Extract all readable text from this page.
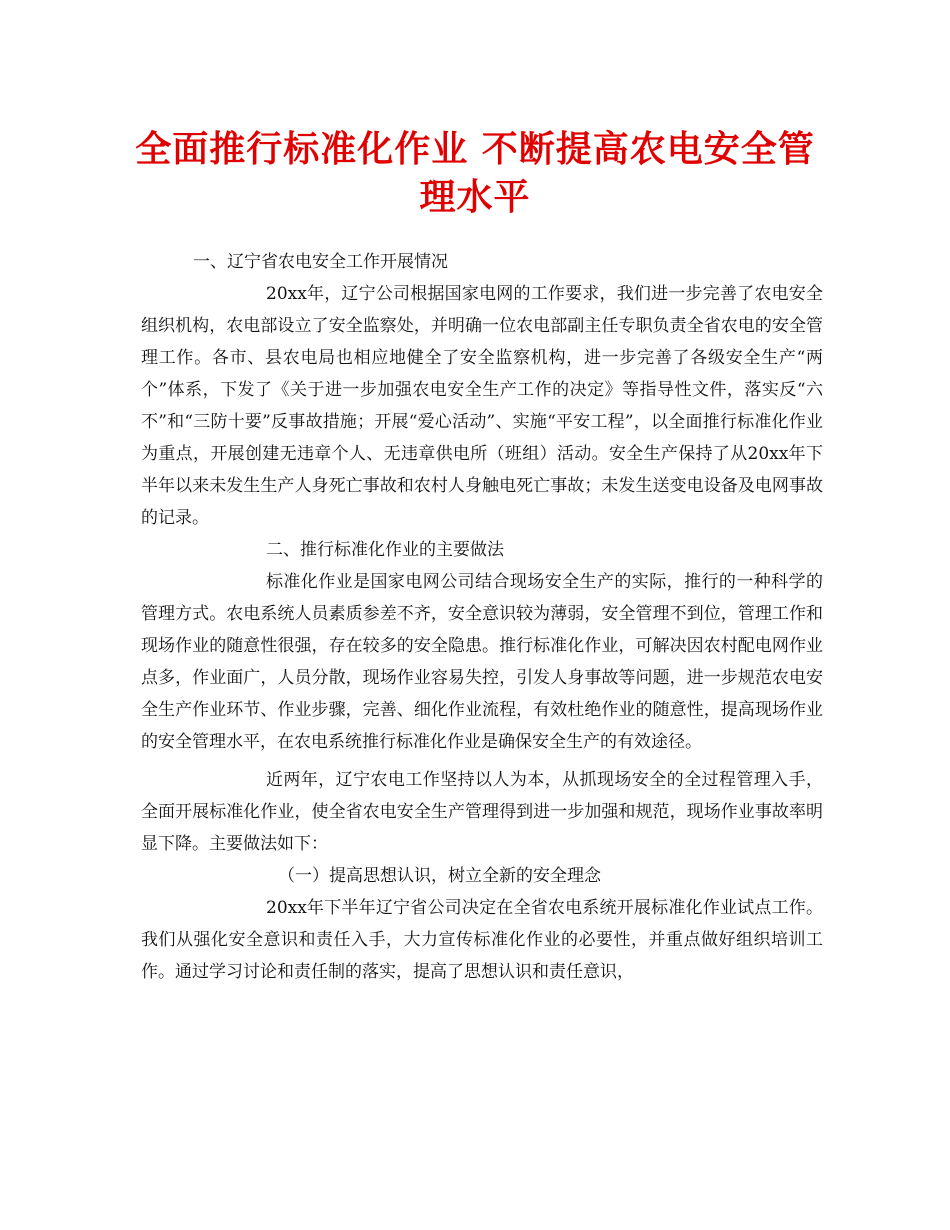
全面推行标准化作业 不断提高农电安全管理水平

一、辽宁省农电安全工作开展情况

20xx年，辽宁公司根据国家电网的工作要求，我们进一步完善了农电安全组织机构，农电部设立了安全监察处，并明确一位农电部副主任专职负责全省农电的安全管理工作。各市、县农电局也相应地健全了安全监察机构，进一步完善了各级安全生产“两个”体系，下发了《关于进一步加强农电安全生产工作的决定》等指导性文件，落实反“六不”和“三防十要”反事故措施；开展“爱心活动”、实施“平安工程”，以全面推行标准化作业为重点，开展创建无违章个人、无违章供电所（班组）活动。安全生产保持了从20xx年下半年以来未发生生产人身死亡事故和农村人身触电死亡事故；未发生送变电设备及电网事故的记录。

二、推行标准化作业的主要做法

标准化作业是国家电网公司结合现场安全生产的实际，推行的一种科学的管理方式。农电系统人员素质参差不齐，安全意识较为薄弱，安全管理不到位，管理工作和现场作业的随意性很强，存在较多的安全隐患。推行标准化作业，可解决因农村配电网作业点多，作业面广，人员分散，现场作业容易失控，引发人身事故等问题，进一步规范农电安全生产作业环节、作业步骤，完善、细化作业流程，有效杜绝作业的随意性，提高现场作业的安全管理水平，在农电系统推行标准化作业是确保安全生产的有效途径。

近两年，辽宁农电工作坚持以人为本，从抓现场安全的全过程管理入手，全面开展标准化作业，使全省农电安全生产管理得到进一步加强和规范，现场作业事故率明显下降。主要做法如下：

（一）提高思想认识，树立全新的安全理念

20xx年下半年辽宁省公司决定在全省农电系统开展标准化作业试点工作。我们从强化安全意识和责任入手，大力宣传标准化作业的必要性，并重点做好组织培训工作。通过学习讨论和责任制的落实，提高了思想认识和责任意识，
